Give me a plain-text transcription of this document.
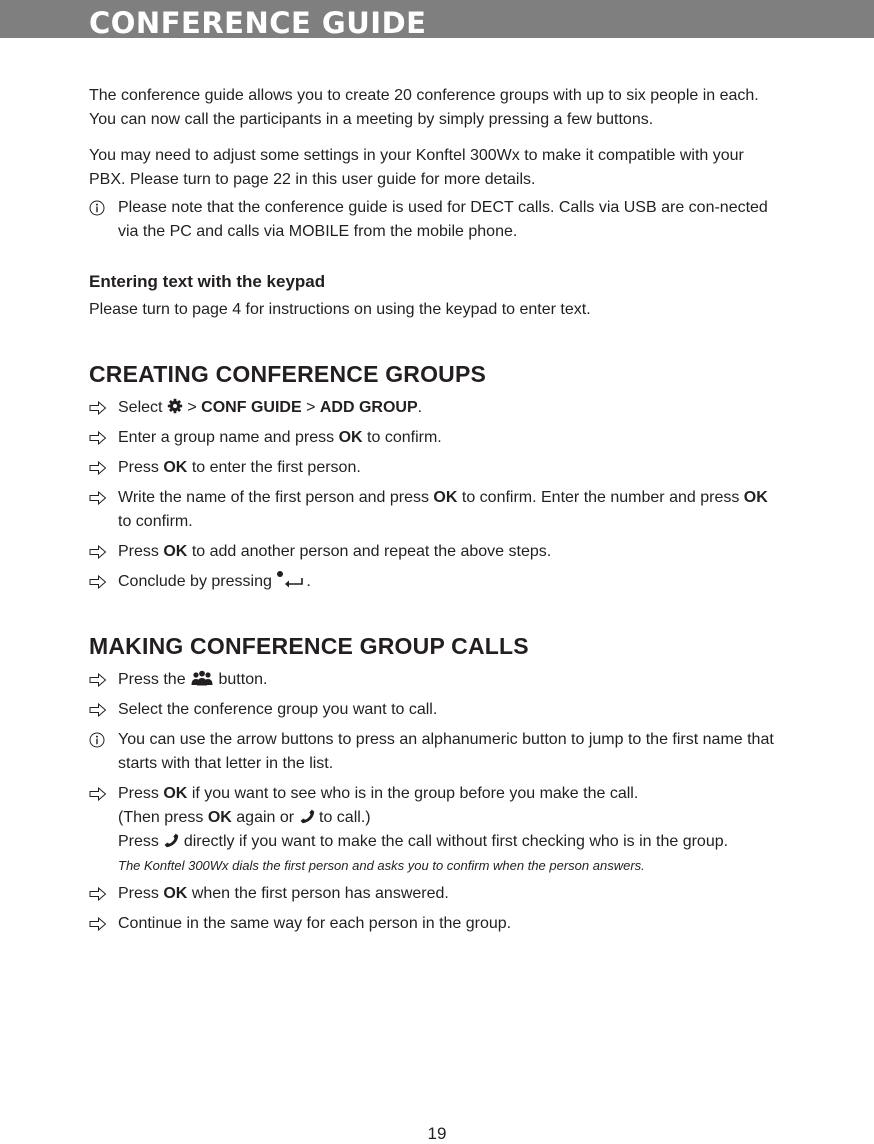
CONFERENCE GUIDE

The conference guide allows you to create 20 conference groups with up to six people in each. You can now call the participants in a meeting by simply pressing a few buttons.

You may need to adjust some settings in your Konftel 300Wx to make it compatible with your PBX. Please turn to page 22 in this user guide for more details.

Please note that the conference guide is used for DECT calls. Calls via USB are con-nected via the PC and calls via MOBILE from the mobile phone.
Entering text with the keypad

Please turn to page 4 for instructions on using the keypad to enter text.

CREATING CONFERENCE GROUPS
Select > CONF GUIDE > ADD GROUP.
Enter a group name and press OK to confirm.
Press OK to enter the first person.
Write the name of the first person and press OK to confirm. Enter the number and press OK to confirm.
Press OK to add another person and repeat the above steps.
Conclude by pressing .
MAKING CONFERENCE GROUP CALLS
Press the button.
Select the conference group you want to call.
You can use the arrow buttons to press an alphanumeric button to jump to the first name that starts with that letter in the list.
Press OK if you want to see who is in the group before you make the call.
(Then press OK again or to call.)
Press directly if you want to make the call without first checking who is in the group.
The Konftel 300Wx dials the first person and asks you to confirm when the person answers.
Press OK when the first person has answered.
Continue in the same way for each person in the group.
19
